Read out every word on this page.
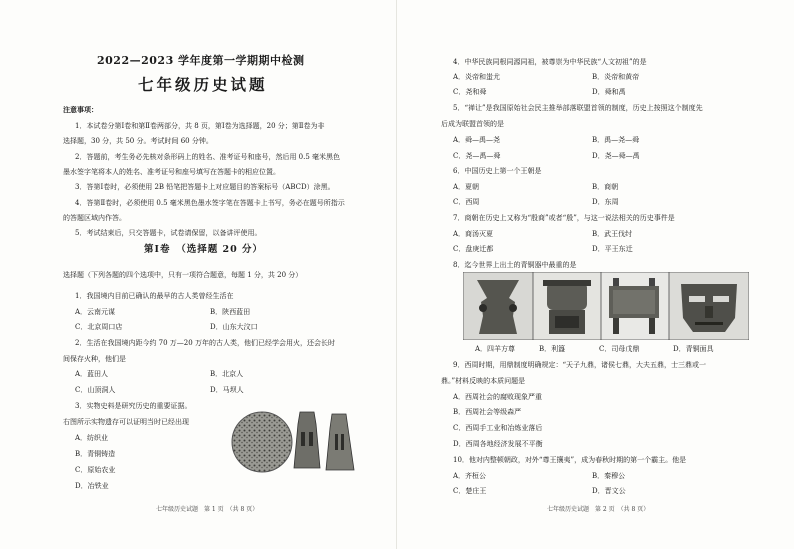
2022—2023 学年度第一学期期中检测
七年级历史试题
注意事项：
1．本试卷分第Ⅰ卷和第Ⅱ卷两部分，共 8 页，第Ⅰ卷为选择题，20 分；第Ⅱ卷为非
选择题，30 分，共 50 分。考试时间 60 分钟。
2．答题前，考生务必先核对条形码上的姓名、准考证号和座号，然后用 0.5 毫米黑色
墨水签字笔将本人的姓名、准考证号和座号填写在答题卡的相应位置。
3．答第Ⅰ卷时，必须使用 2B 铅笔把答题卡上对应题目的答案标号（ABCD）涂黑。
4．答第Ⅱ卷时，必须使用 0.5 毫米黑色墨水签字笔在答题卡上书写，务必在题号所指示
的答题区域内作答。
5．考试结束后，只交答题卡，试卷请保留，以备讲评使用。
第Ⅰ卷　（选择题 20 分）
选择题（下列各题的四个选项中，只有一项符合题意，每题 1 分，共 20 分）
1．我国境内目前已确认的最早的古人类曾经生活在
A．云南元谋	B．陕西蓝田
C．北京周口店	D．山东大汶口
2．生活在我国境内距今约 70 万—20 万年的古人类，他们已经学会用火，还会长时
间保存火种，他们是
A．蓝田人	B．北京人
C．山顶洞人	D．马坝人
3．实物史料是研究历史的重要证据。
右图所示实物遗存可以证明当时已经出现
A．纺织业
B．青铜铸造
C．原始农业
D．冶铁业
七年级历史试题　第 1 页　（共 8 页）
4．中华民族同根同源同祖，被尊崇为中华民族“人文初祖”的是
A．炎帝和蚩尤	B．炎帝和黄帝
C．尧和舜	D．舜和禹
5．“禅让”是我国原始社会民主推举部落联盟首领的制度，历史上按照这个制度先
后成为联盟首领的是
A．舜—禹—尧	B．禹—尧—舜
C．尧—禹—舜	D．尧—舜—禹
6．中国历史上第一个王朝是
A．夏朝	B．商朝
C．西周	D．东周
7．商朝在历史上又称为“殷商”或者“殷”，与这一说法相关的历史事件是
A．商汤灭夏	B．武王伐纣
C．盘庚迁都	D．平王东迁
8．迄今世界上出土的青铜器中最重的是
A．四羊方尊	B．利簋	C．司母戊鼎	D．青铜面具
9．西周时期，用鼎制度明确规定：“天子九鼎，诸侯七鼎，大夫五鼎，士三鼎或一
鼎。”材料反映的本质问题是
A．西周社会的腐败现象严重
B．西周社会等级森严
C．西周手工业和冶炼业落后
D．西周各地经济发展不平衡
10．他对内整顿朝政，对外“尊王攘夷”，成为春秋时期的第一个霸主。他是
A．齐桓公	B．秦穆公
C．楚庄王	D．晋文公
七年级历史试题　第 2 页　（共 8 页）
